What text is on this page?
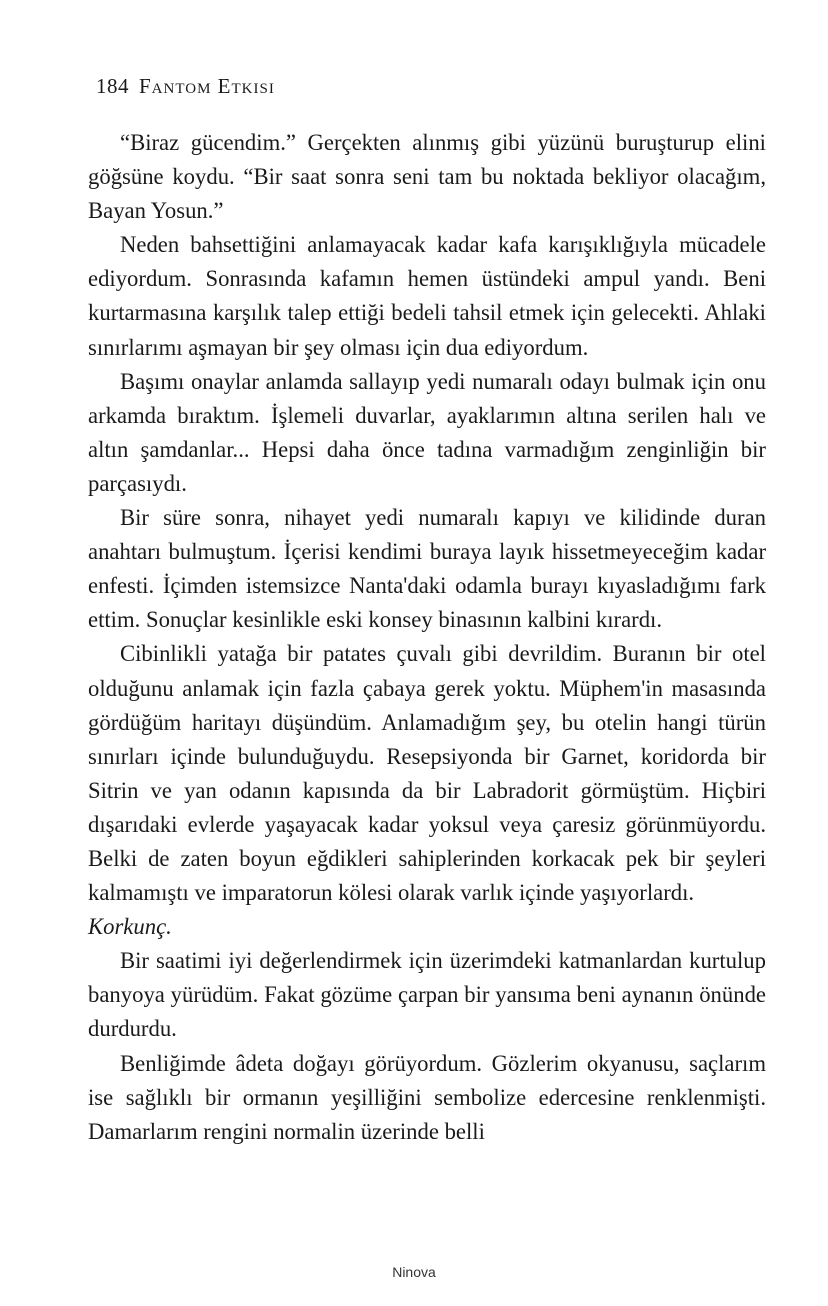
184 Fantom Etkisi

“Biraz gücendim.” Gerçekten alınmış gibi yüzünü buruşturup elini göğsüne koydu. “Bir saat sonra seni tam bu noktada bekliyor olacağım, Bayan Yosun.”

Neden bahsettiğini anlamayacak kadar kafa karışıklığıyla mücadele ediyordum. Sonrasında kafamın hemen üstündeki ampul yandı. Beni kurtarmasına karşılık talep ettiği bedeli tahsil etmek için gelecekti. Ahlaki sınırlarımı aşmayan bir şey olması için dua ediyordum.

Başımı onaylar anlamda sallayıp yedi numaralı odayı bulmak için onu arkamda bıraktım. İşlemeli duvarlar, ayaklarımın altına serilen halı ve altın şamdanlar... Hepsi daha önce tadına varmadığım zenginliğin bir parçasıydı.

Bir süre sonra, nihayet yedi numaralı kapıyı ve kilidinde duran anahtarı bulmuştum. İçerisi kendimi buraya layık hissetmeyeceğim kadar enfesti. İçimden istemsizce Nanta'daki odamla burayı kıyasladığımı fark ettim. Sonuçlar kesinlikle eski konsey binasının kalbini kırardı.

Cibinlikli yatağa bir patates çuvalı gibi devrildim. Buranın bir otel olduğunu anlamak için fazla çabaya gerek yoktu. Müphem'in masasında gördüğüm haritayı düşündüm. Anlamadığım şey, bu otelin hangi türün sınırları içinde bulunduğuydu. Resepsiyonda bir Garnet, koridorda bir Sitrin ve yan odanın kapısında da bir Labradorit görmüştüm. Hiçbiri dışarıdaki evlerde yaşayacak kadar yoksul veya çaresiz görünmüyordu. Belki de zaten boyun eğdikleri sahiplerinden korkacak pek bir şeyleri kalmamıştı ve imparatorun kölesi olarak varlık içinde yaşıyorlardı.

Korkunç.

Bir saatimi iyi değerlendirmek için üzerimdeki katmanlardan kurtulup banyoya yürüdüm. Fakat gözüme çarpan bir yansıma beni aynanın önünde durdurdu.

Benliğimde âdeta doğayı görüyordum. Gözlerim okyanusu, saçlarım ise sağlıklı bir ormanın yeşilliğini sembolize edercesine renklenmişti. Damarlarım rengini normalin üzerinde belli

Ninova
